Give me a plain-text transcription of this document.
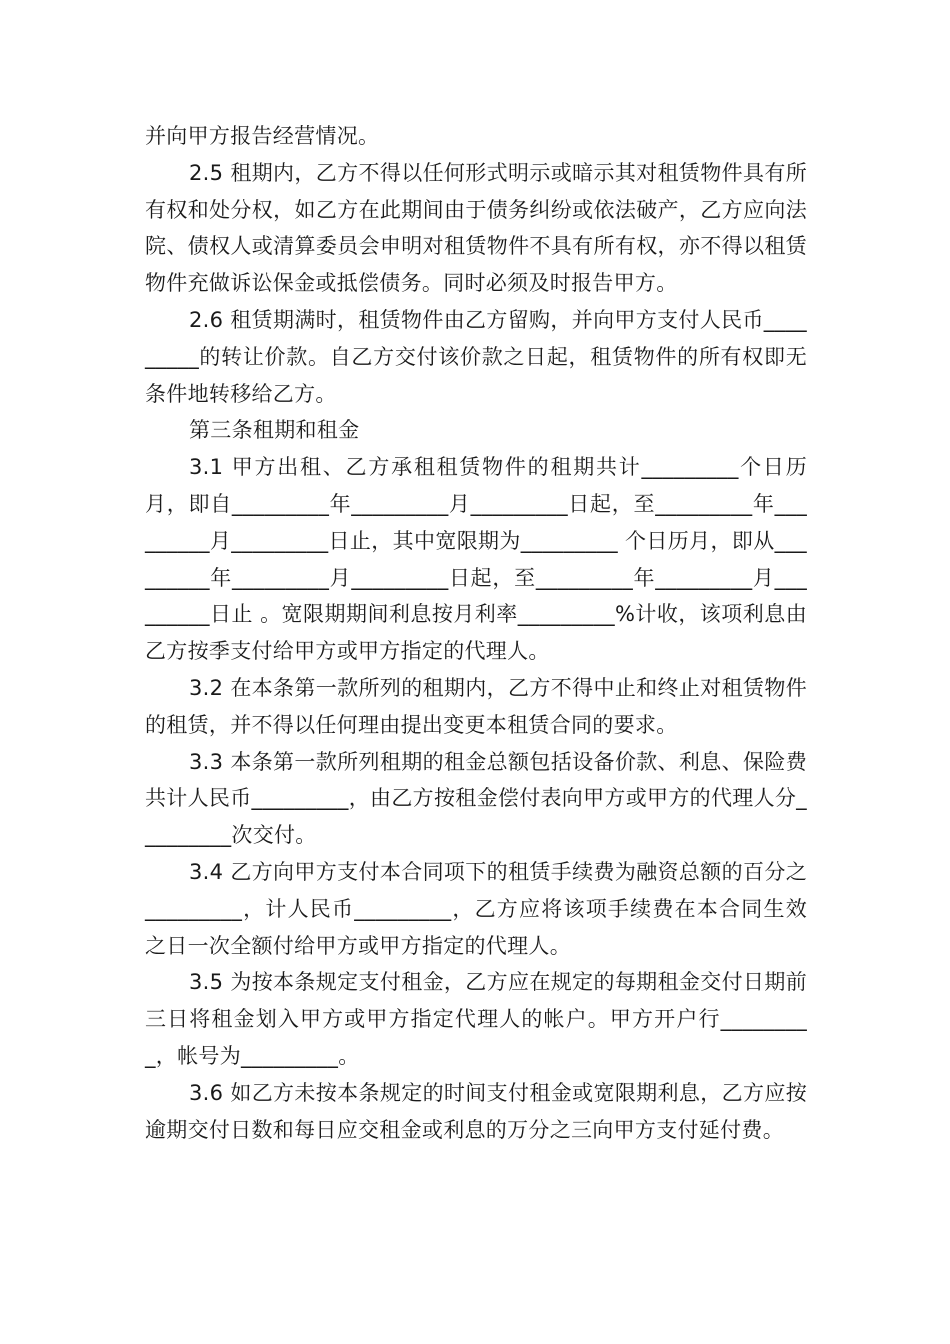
并向甲方报告经营情况。

2.5 租期内，乙方不得以任何形式明示或暗示其对租赁物件具有所有权和处分权，如乙方在此期间由于债务纠纷或依法破产，乙方应向法院、债权人或清算委员会申明对租赁物件不具有所有权，亦不得以租赁物件充做诉讼保金或抵偿债务。同时必须及时报告甲方。

2.6 租赁期满时，租赁物件由乙方留购，并向甲方支付人民币_________的转让价款。自乙方交付该价款之日起，租赁物件的所有权即无条件地转移给乙方。

第三条租期和租金

3.1 甲方出租、乙方承租租赁物件的租期共计_________个日历月，即自_________年_________月_________日起，至_________年_________月_________日止，其中宽限期为_________ 个日历月，即从_________年_________月_________日起，至_________年_________月_________日止 。宽限期期间利息按月利率_________%计收，该项利息由乙方按季支付给甲方或甲方指定的代理人。

3.2 在本条第一款所列的租期内，乙方不得中止和终止对租赁物件的租赁，并不得以任何理由提出变更本租赁合同的要求。

3.3 本条第一款所列租期的租金总额包括设备价款、利息、保险费共计人民币_________，由乙方按租金偿付表向甲方或甲方的代理人分_________次交付。

3.4 乙方向甲方支付本合同项下的租赁手续费为融资总额的百分之_________，计人民币_________，乙方应将该项手续费在本合同生效之日一次全额付给甲方或甲方指定的代理人。

3.5 为按本条规定支付租金，乙方应在规定的每期租金交付日期前三日将租金划入甲方或甲方指定代理人的帐户。甲方开户行_________，帐号为_________。

3.6 如乙方未按本条规定的时间支付租金或宽限期利息，乙方应按逾期交付日数和每日应交租金或利息的万分之三向甲方支付延付费。
